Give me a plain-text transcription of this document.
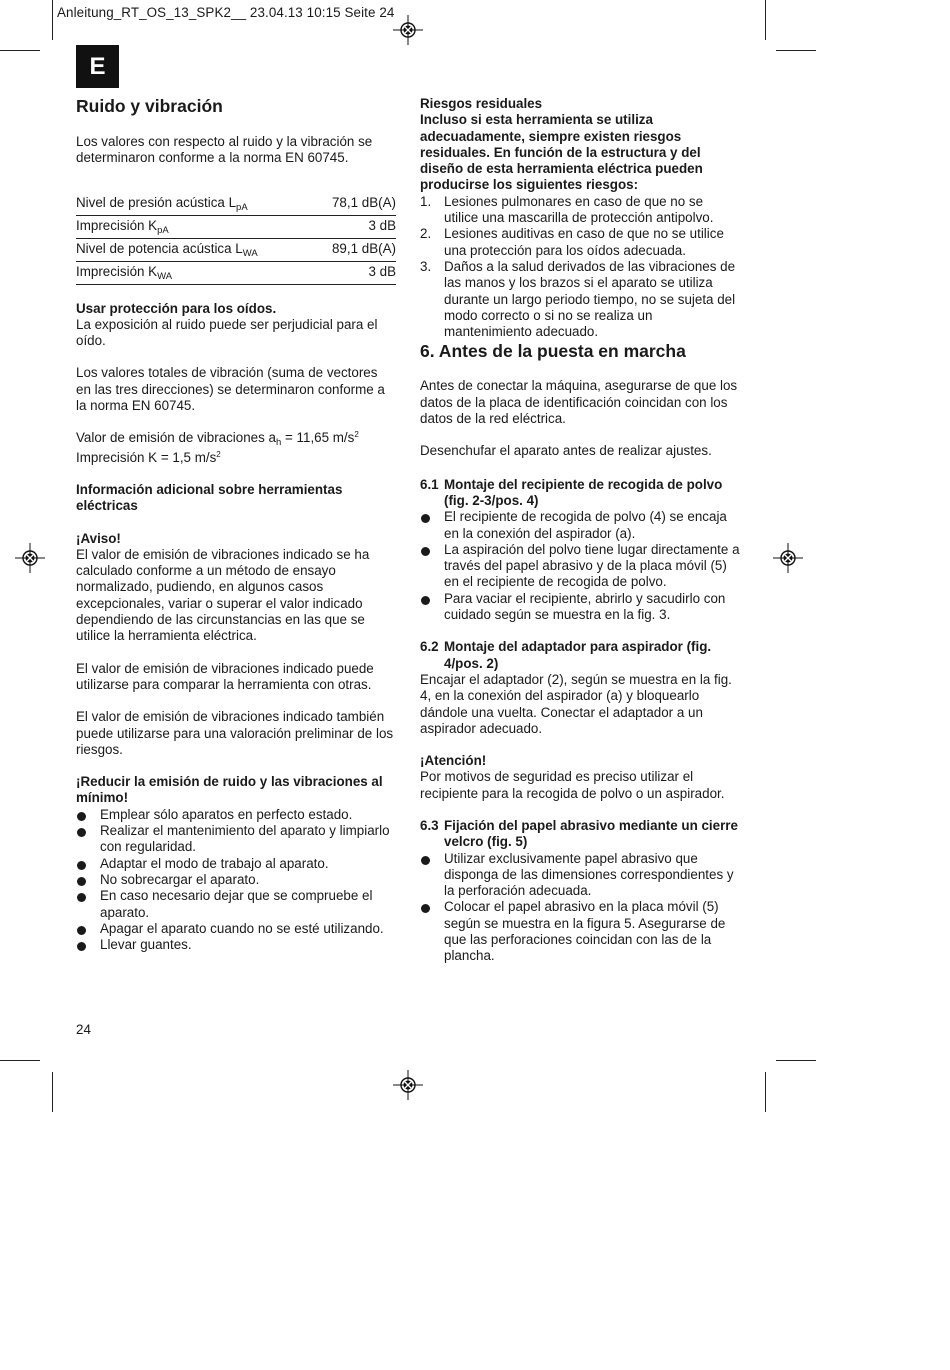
Anleitung_RT_OS_13_SPK2__ 23.04.13 10:15 Seite 24
E
Ruido y vibración

Los valores con respecto al ruido y la vibración se determinaron conforme a la norma EN 60745.

Nivel de presión acústica $L_{pA}$	78,1 dB(A)
Imprecisión $K_{pA}$	3 dB
Nivel de potencia acústica $L_{WA}$	89,1 dB(A)
Imprecisión $K_{WA}$	3 dB

Usar protección para los oídos.

La exposición al ruido puede ser perjudicial para el oído.

Los valores totales de vibración (suma de vectores en las tres direcciones) se determinaron conforme a la norma EN 60745.

Valor de emisión de vibraciones $a_h = 11,65$ $m/s^2$

Imprecisión K = 1,5 $m/s^2$

Información adicional sobre herramientas eléctricas

¡Aviso!

El valor de emisión de vibraciones indicado se ha calculado conforme a un método de ensayo normalizado, pudiendo, en algunos casos excepcionales, variar o superar el valor indicado dependiendo de las circunstancias en las que se utilice la herramienta eléctrica.

El valor de emisión de vibraciones indicado puede utilizarse para comparar la herramienta con otras.

El valor de emisión de vibraciones indicado también puede utilizarse para una valoración preliminar de los riesgos.

¡Reducir la emisión de ruido y las vibraciones al mínimo!

Emplear sólo aparatos en perfecto estado.
Realizar el mantenimiento del aparato y limpiarlo con regularidad.
Adaptar el modo de trabajo al aparato.
No sobrecargar el aparato.
En caso necesario dejar que se compruebe el aparato.
Apagar el aparato cuando no se esté utilizando.
Llevar guantes.

Riesgos residuales

Incluso si esta herramienta se utiliza adecuadamente, siempre existen riesgos residuales. En función de la estructura y del diseño de esta herramienta eléctrica pueden producirse los siguientes riesgos:

1. Lesiones pulmonares en caso de que no se utilice una mascarilla de protección antipolvo.
2. Lesiones auditivas en caso de que no se utilice una protección para los oídos adecuada.
3. Daños a la salud derivados de las vibraciones de las manos y los brazos si el aparato se utiliza durante un largo periodo tiempo, no se sujeta del modo correcto o si no se realiza un mantenimiento adecuado.
6. Antes de la puesta en marcha

Antes de conectar la máquina, asegurarse de que los datos de la placa de identificación coincidan con los datos de la red eléctrica.

Desenchufar el aparato antes de realizar ajustes.

6.1 Montaje del recipiente de recogida de polvo (fig. 2-3/pos. 4)
El recipiente de recogida de polvo (4) se encaja en la conexión del aspirador (a).
La aspiración del polvo tiene lugar directamente a través del papel abrasivo y de la placa móvil (5) en el recipiente de recogida de polvo.
Para vaciar el recipiente, abrirlo y sacudirlo con cuidado según se muestra en la fig. 3.
6.2 Montaje del adaptador para aspirador (fig. 4/pos. 2)

Encajar el adaptador (2), según se muestra en la fig. 4, en la conexión del aspirador (a) y bloquearlo dándole una vuelta. Conectar el adaptador a un aspirador adecuado.

¡Atención!

Por motivos de seguridad es preciso utilizar el recipiente para la recogida de polvo o un aspirador.

6.3 Fijación del papel abrasivo mediante un cierre velcro (fig. 5)
Utilizar exclusivamente papel abrasivo que disponga de las dimensiones correspondientes y la perforación adecuada.
Colocar el papel abrasivo en la placa móvil (5) según se muestra en la figura 5. Asegurarse de que las perforaciones coincidan con las de la plancha.
24
